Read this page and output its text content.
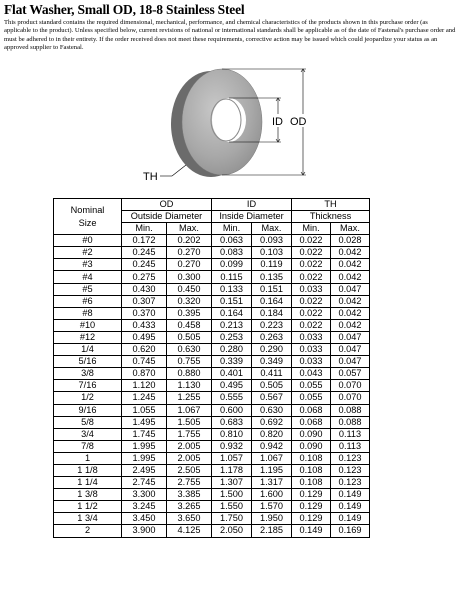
Flat Washer, Small OD, 18-8 Stainless Steel
This product standard contains the required dimensional, mechanical, performance, and chemical characteristics of the products shown in this purchase order (as applicable to the product). Unless specified below, current revisions of national or international standards shall be applicable as of the date of Fastenal's purchase order and must be adhered to in their entirety. If the order received does not meet these requirements, corrective action may be issued which could jeopardize your status as an approved supplier to Fastenal.
ID OD
TH
Nominal
Size	OD		ID		TH	
	Outside Diameter		Inside Diameter		Thickness	
	Min.	Max.	Min.	Max.	Min.	Max.
#0	0.172	0.202	0.063	0.093	0.022	0.028
#2	0.245	0.270	0.083	0.103	0.022	0.042
#3	0.245	0.270	0.099	0.119	0.022	0.042
#4	0.275	0.300	0.115	0.135	0.022	0.042
#5	0.430	0.450	0.133	0.151	0.033	0.047
#6	0.307	0.320	0.151	0.164	0.022	0.042
#8	0.370	0.395	0.164	0.184	0.022	0.042
#10	0.433	0.458	0.213	0.223	0.022	0.042
#12	0.495	0.505	0.253	0.263	0.033	0.047
1/4	0.620	0.630	0.280	0.290	0.033	0.047
5/16	0.745	0.755	0.339	0.349	0.033	0.047
3/8	0.870	0.880	0.401	0.411	0.043	0.057
7/16	1.120	1.130	0.495	0.505	0.055	0.070
1/2	1.245	1.255	0.555	0.567	0.055	0.070
9/16	1.055	1.067	0.600	0.630	0.068	0.088
5/8	1.495	1.505	0.683	0.692	0.068	0.088
3/4	1.745	1.755	0.810	0.820	0.090	0.113
7/8	1.995	2.005	0.932	0.942	0.090	0.113
1	1.995	2.005	1.057	1.067	0.108	0.123
1 1/8	2.495	2.505	1.178	1.195	0.108	0.123
1 1/4	2.745	2.755	1.307	1.317	0.108	0.123
1 3/8	3.300	3.385	1.500	1.600	0.129	0.149
1 1/2	3.245	3.265	1.550	1.570	0.129	0.149
1 3/4	3.450	3.650	1.750	1.950	0.129	0.149
2	3.900	4.125	2.050	2.185	0.149	0.169
